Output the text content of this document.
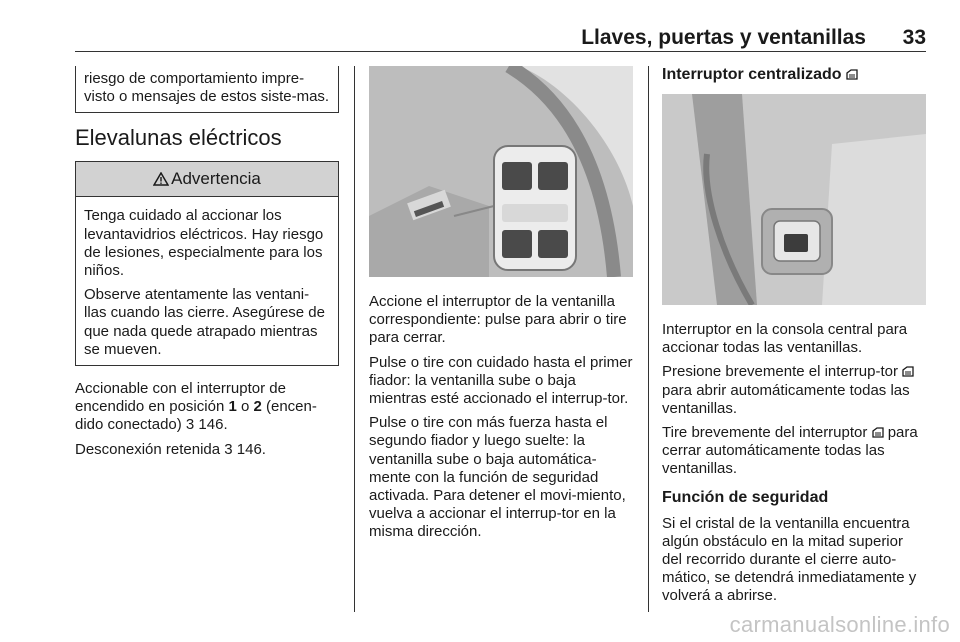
Llaves, puertas y ventanillas 33

riesgo de comportamiento impre-visto o mensajes de estos siste-mas.

Elevalunas eléctricos
Advertencia

Tenga cuidado al accionar los levantavidrios eléctricos. Hay riesgo de lesiones, especialmente para los niños.

Observe atentamente las ventani-llas cuando las cierre. Asegúrese de que nada quede atrapado mientras se mueven.

Accionable con el interruptor de encendido en posición 1 o 2 (encen-dido conectado) 3 146.

Desconexión retenida 3 146.

Accione el interruptor de la ventanilla correspondiente: pulse para abrir o tire para cerrar.

Pulse o tire con cuidado hasta el primer fiador: la ventanilla sube o baja mientras esté accionado el interrup-tor.

Pulse o tire con más fuerza hasta el segundo fiador y luego suelte: la ventanilla sube o baja automática-mente con la función de seguridad activada. Para detener el movi-miento, vuelva a accionar el interrup-tor en la misma dirección.

Interruptor centralizado

Interruptor en la consola central para accionar todas las ventanillas.

Presione brevemente el interrup-tor  para abrir automáticamente todas las ventanillas.

Tire brevemente del interruptor  para cerrar automáticamente todas las ventanillas.

Función de seguridad

Si el cristal de la ventanilla encuentra algún obstáculo en la mitad superior del recorrido durante el cierre auto-mático, se detendrá inmediatamente y volverá a abrirse.

carmanualsonline.info
